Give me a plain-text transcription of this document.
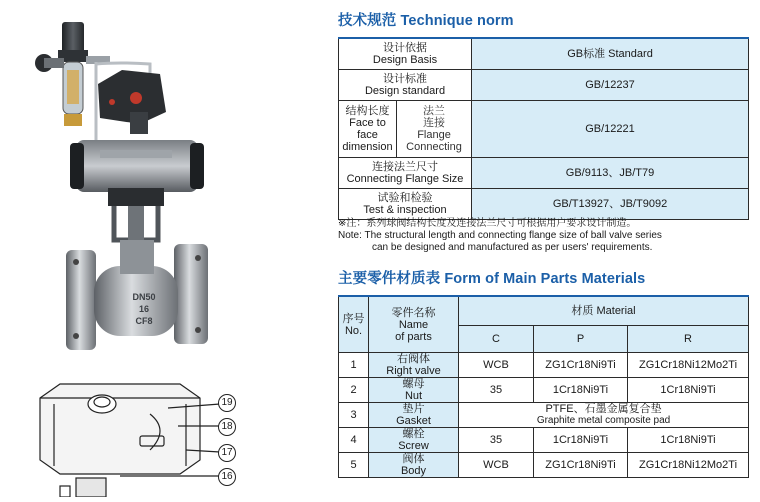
DN50
16
CF8
19
18
17
16
技术规范 Technique norm
设计依据
Design Basis		GB标准 Standard

设计标准
Design standard		GB/12237

结构长度
Face to
face
dimension	法兰
连接
Flange
Connecting	GB/12221

连接法兰尺寸
Connecting Flange Size		GB/9113、JB/T79

试验和检验
Test & inspection		GB/T13927、JB/T9092
※注：系列球阀结构长度及连接法兰尺寸可根据用户要求设计制造。
Note: The structural length and connecting flange size of ball valve series
can be designed and manufactured as per users' requirements.
主要零件材质表 Form of Main Parts Materials
序号
No.	零件名称
Name
of parts	材质 Material		
		C	P	R
1	右阀体
Right valve	WCB	ZG1Cr18Ni9Ti	ZG1Cr18Ni12Mo2Ti
2	螺母
Nut	35	1Cr18Ni9Ti	1Cr18Ni9Ti
3	垫片
Gasket	PTFE、石墨金属复合垫
Graphite metal composite pad		

4	螺栓
Screw	35	1Cr18Ni9Ti	1Cr18Ni9Ti
5	阀体
Body	WCB	ZG1Cr18Ni9Ti	ZG1Cr18Ni12Mo2Ti
